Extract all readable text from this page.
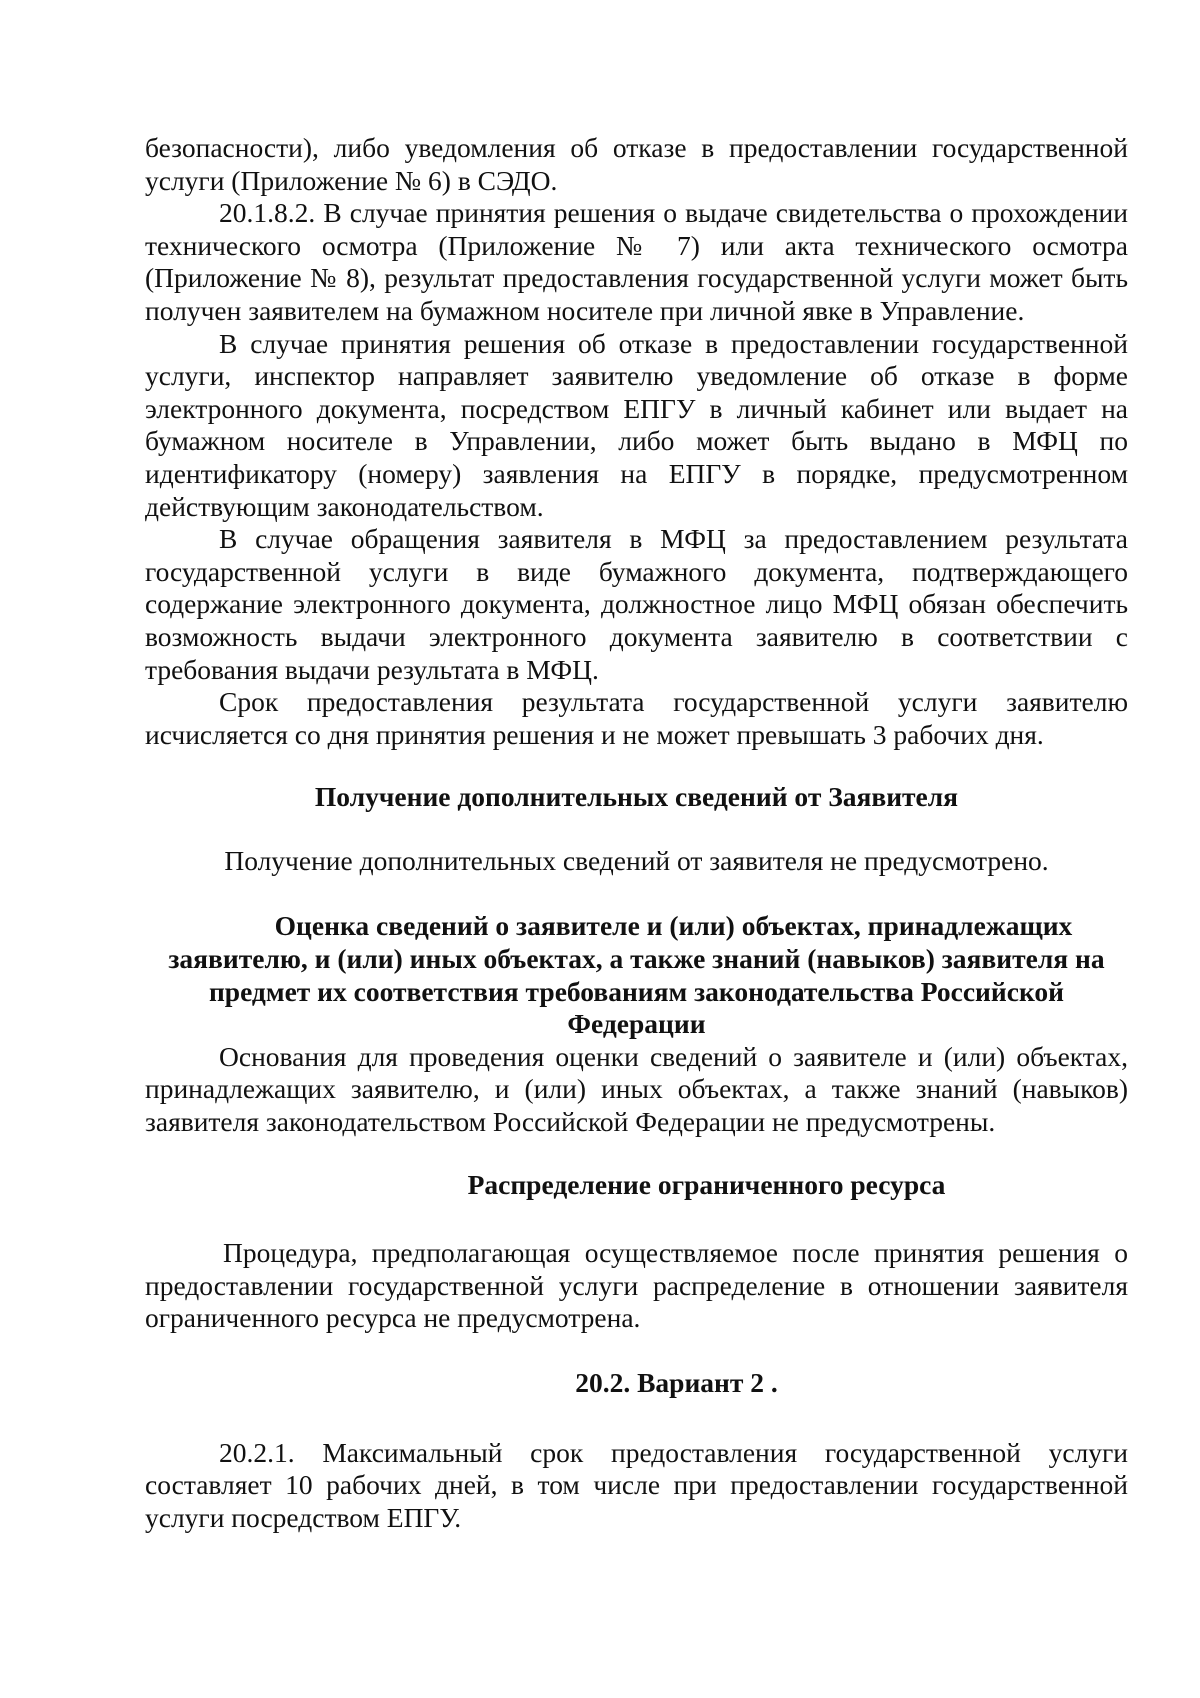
безопасности), либо уведомления об отказе в предоставлении государственной услуги (Приложение № 6) в СЭДО.

20.1.8.2. В случае принятия решения о выдаче свидетельства о прохождении технического осмотра (Приложение № 7) или акта технического осмотра (Приложение № 8), результат предоставления государственной услуги может быть получен заявителем на бумажном носителе при личной явке в Управление.

В случае принятия решения об отказе в предоставлении государственной услуги, инспектор направляет заявителю уведомление об отказе в форме электронного документа, посредством ЕПГУ в личный кабинет или выдает на бумажном носителе в Управлении, либо может быть выдано в МФЦ по идентификатору (номеру) заявления на ЕПГУ в порядке, предусмотренном действующим законодательством.

В случае обращения заявителя в МФЦ за предоставлением результата государственной услуги в виде бумажного документа, подтверждающего содержание электронного документа, должностное лицо МФЦ обязан обеспечить возможность выдачи электронного документа заявителю в соответствии с требования выдачи результата в МФЦ.

Срок предоставления результата государственной услуги заявителю исчисляется со дня принятия решения и не может превышать 3 рабочих дня.

Получение дополнительных сведений от Заявителя

Получение дополнительных сведений от заявителя не предусмотрено.

Оценка сведений о заявителе и (или) объектах, принадлежащих
заявителю, и (или) иных объектах, а также знаний (навыков) заявителя на
предмет их соответствия требованиям законодательства Российской
Федерации

Основания для проведения оценки сведений о заявителе и (или) объектах, принадлежащих заявителю, и (или) иных объектах, а также знаний (навыков) заявителя законодательством Российской Федерации не предусмотрены.

Распределение ограниченного ресурса

Процедура, предполагающая осуществляемое после принятия решения о предоставлении государственной услуги распределение в отношении заявителя ограниченного ресурса не предусмотрена.

20.2. Вариант 2 .

20.2.1. Максимальный срок предоставления государственной услуги составляет 10 рабочих дней, в том числе при предоставлении государственной услуги посредством ЕПГУ.
